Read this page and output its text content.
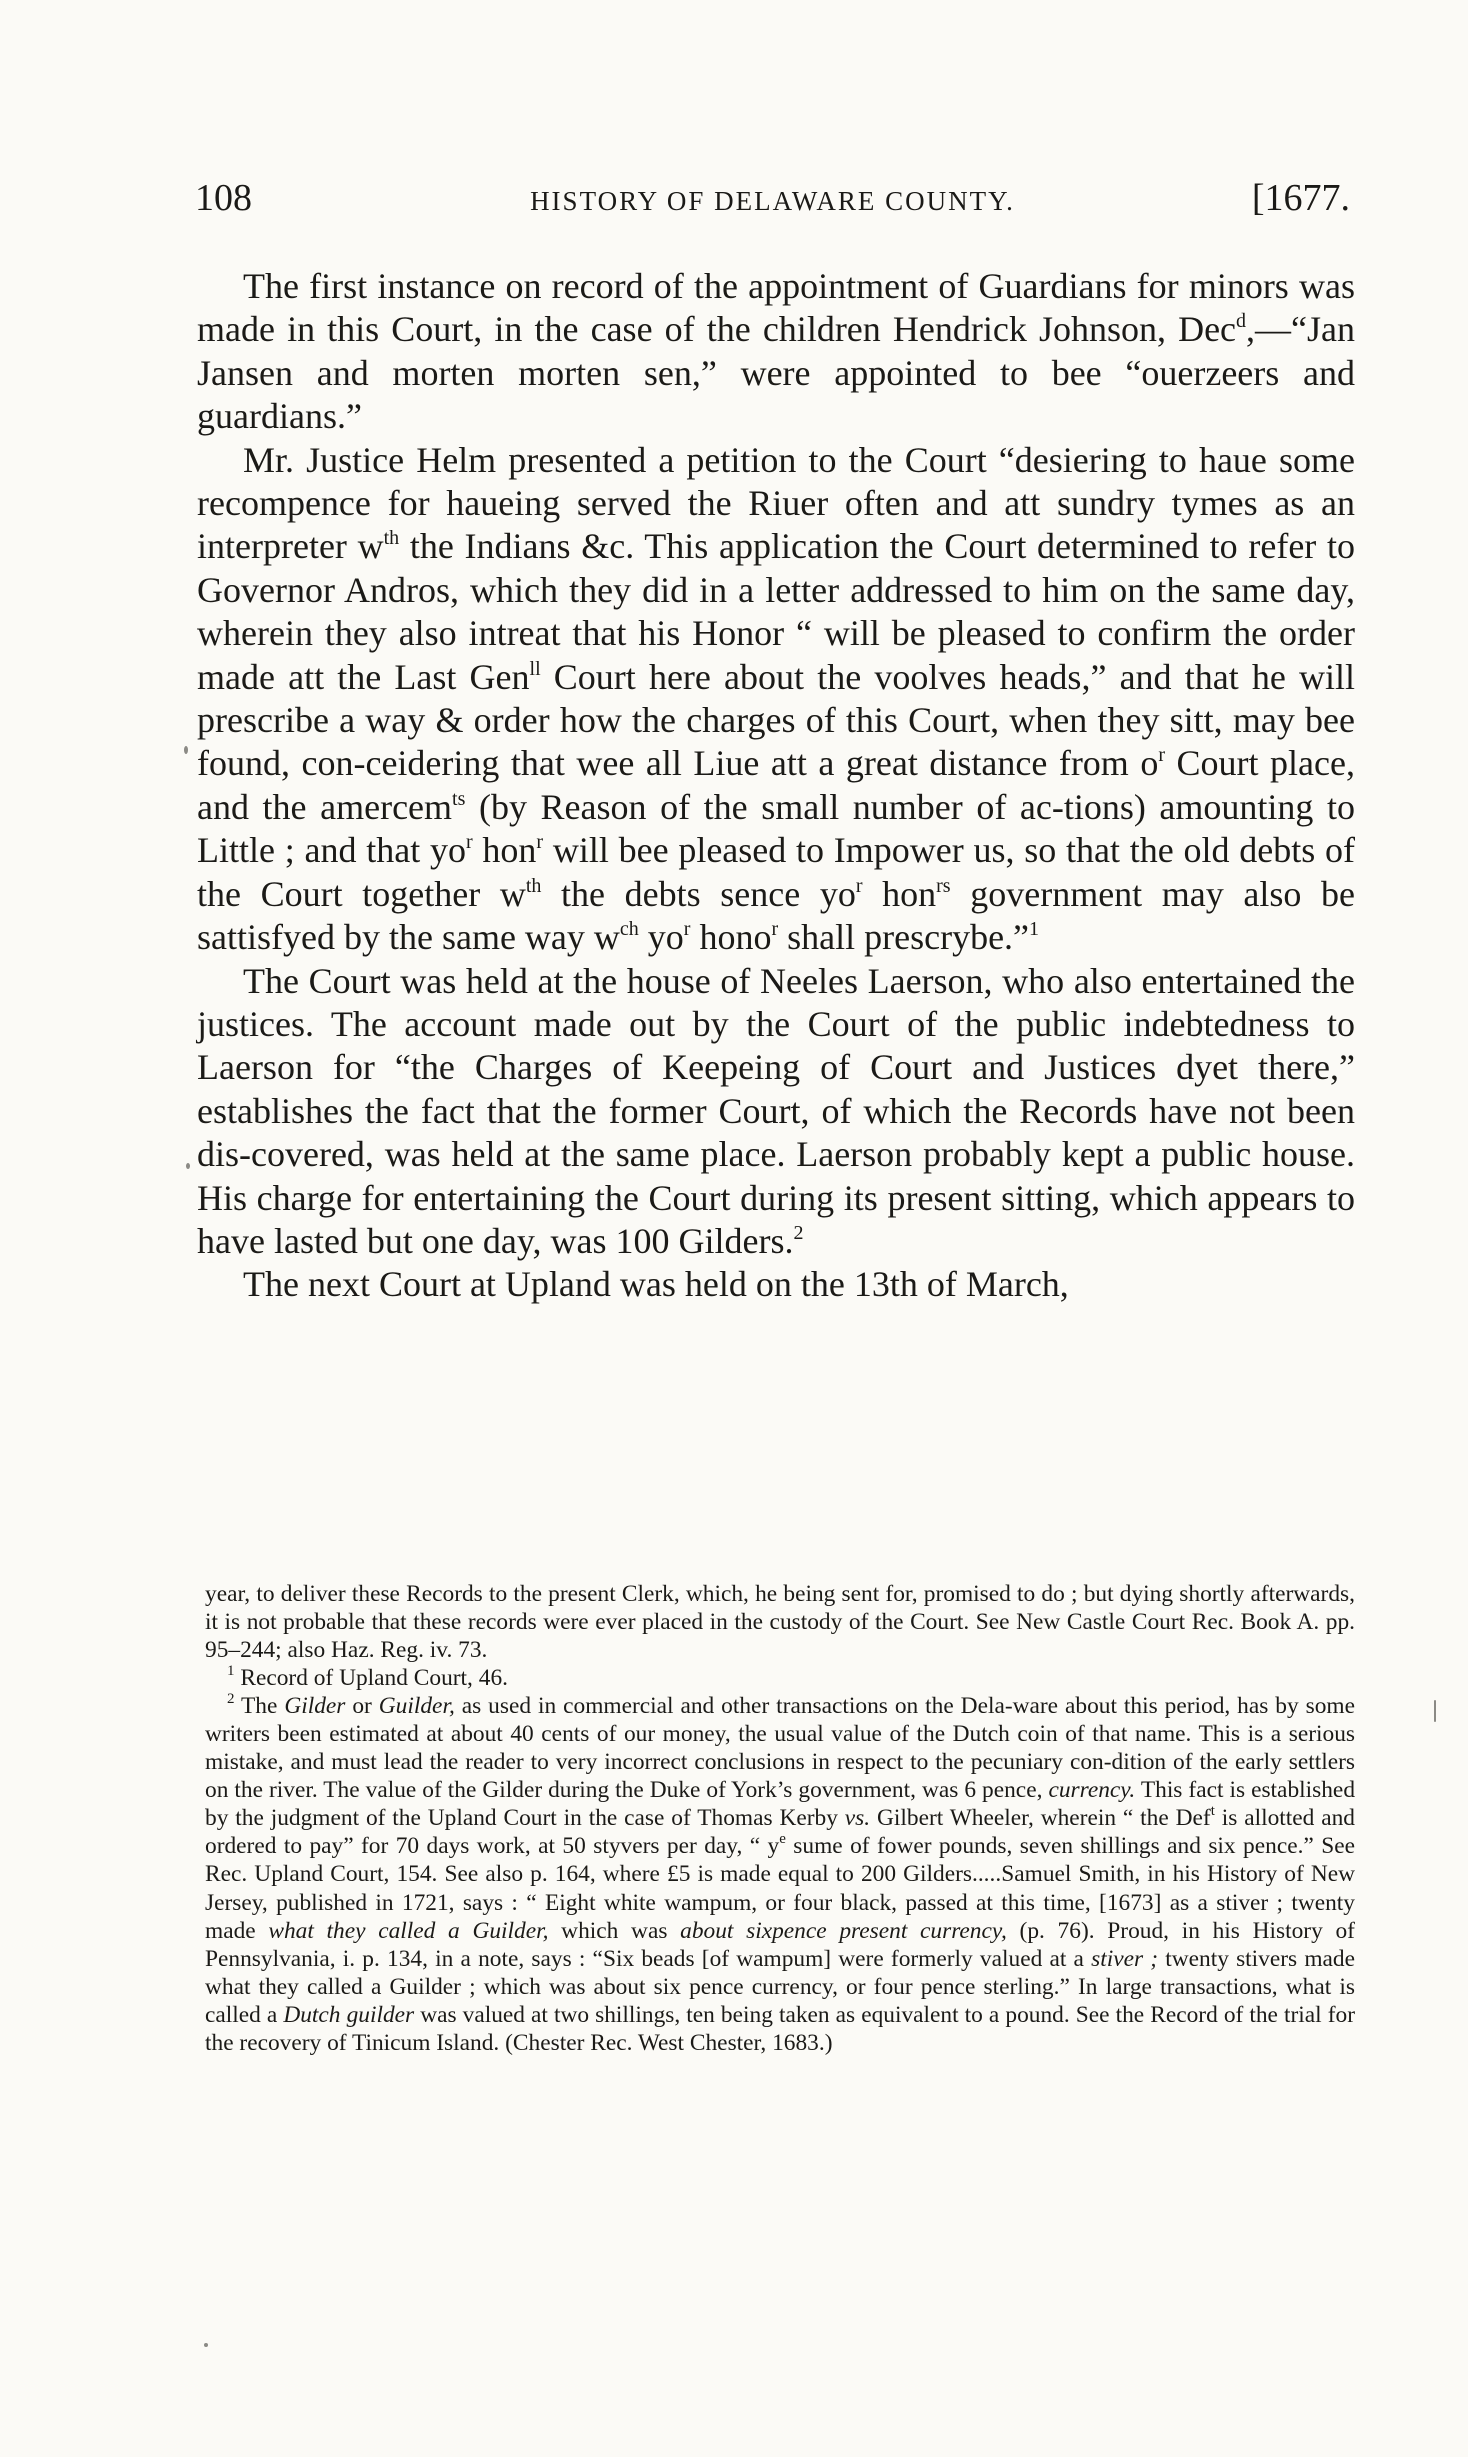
108	HISTORY OF DELAWARE COUNTY.	[1677.

The first instance on record of the appointment of Guardians for minors was made in this Court, in the case of the children Hendrick Johnson, Dec$^d$,—“Jan Jansen and morten morten sen,” were appointed to bee “ouerzeers and guardians.”

Mr. Justice Helm presented a petition to the Court “desiering to haue some recompence for haueing served the Riuer often and att sundry tymes as an interpreter $w^{th}$ the Indians &c. This application the Court determined to refer to Governor Andros, which they did in a letter addressed to him on the same day, wherein they also intreat that his Honor “ will be pleased to confirm the order made att the Last Gen$^{ll}$ Court here about the voolves heads,” and that he will prescribe a way & order how the charges of this Court, when they sitt, may bee found, con-ceidering that wee all Liue att a great distance from $o^r$ Court place, and the amercem$^{ts}$ (by Reason of the small number of ac-tions) amounting to Little ; and that $yo^r$ hon$^r$ will bee pleased to Impower us, so that the old debts of the Court together $w^{th}$ the debts sence $yo^r$ hon$^{rs}$ government may also be sattisfyed by the same way $w^{ch}$ $yo^r$ hono$^r$ shall prescrybe.”$^1$

The Court was held at the house of Neeles Laerson, who also entertained the justices. The account made out by the Court of the public indebtedness to Laerson for “the Charges of Keepeing of Court and Justices dyet there,” establishes the fact that the former Court, of which the Records have not been dis-covered, was held at the same place. Laerson probably kept a public house. His charge for entertaining the Court during its present sitting, which appears to have lasted but one day, was 100 Gilders.$^2$

The next Court at Upland was held on the 13th of March,

year, to deliver these Records to the present Clerk, which, he being sent for, promised to do ; but dying shortly afterwards, it is not probable that these records were ever placed in the custody of the Court. See New Castle Court Rec. Book A. pp. 95–244; also Haz. Reg. iv. 73.

$^1$ Record of Upland Court, 46.

$^2$ The Gilder or Guilder, as used in commercial and other transactions on the Dela-ware about this period, has by some writers been estimated at about 40 cents of our money, the usual value of the Dutch coin of that name. This is a serious mistake, and must lead the reader to very incorrect conclusions in respect to the pecuniary con-dition of the early settlers on the river. The value of the Gilder during the Duke of York’s government, was 6 pence, currency. This fact is established by the judgment of the Upland Court in the case of Thomas Kerby vs. Gilbert Wheeler, wherein “ the Def$^t$ is allotted and ordered to pay” for 70 days work, at 50 styvers per day, “ $y^e$ sume of fower pounds, seven shillings and six pence.” See Rec. Upland Court, 154. See also p. 164, where £5 is made equal to 200 Gilders.....Samuel Smith, in his History of New Jersey, published in 1721, says : “ Eight white wampum, or four black, passed at this time, [1673] as a stiver ; twenty made what they called a Guilder, which was about sixpence present currency, (p. 76). Proud, in his History of Pennsylvania, i. p. 134, in a note, says : “Six beads [of wampum] were formerly valued at a stiver ; twenty stivers made what they called a Guilder ; which was about six pence currency, or four pence sterling.” In large transactions, what is called a Dutch guilder was valued at two shillings, ten being taken as equivalent to a pound. See the Record of the trial for the recovery of Tinicum Island. (Chester Rec. West Chester, 1683.)
